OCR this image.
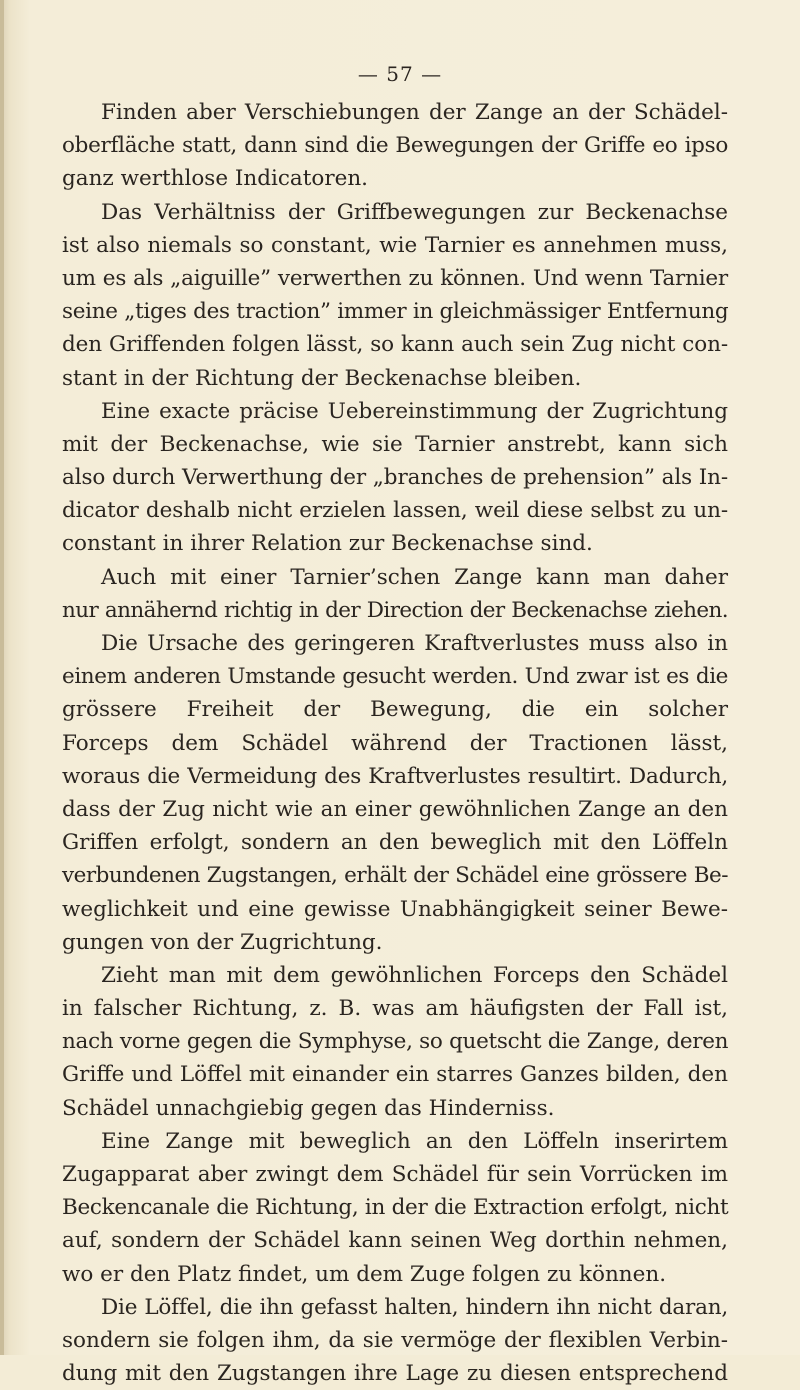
— 57 —
Finden aber Verschiebungen der Zange an der Schädel-
oberfläche statt, dann sind die Bewegungen der Griffe eo ipso
ganz werthlose Indicatoren.
Das Verhältniss der Griffbewegungen zur Beckenachse
ist also niemals so constant, wie Tarnier es annehmen muss,
um es als „aiguille” verwerthen zu können. Und wenn Tarnier
seine „tiges des traction” immer in gleichmässiger Entfernung
den Griffenden folgen lässt, so kann auch sein Zug nicht con-
stant in der Richtung der Beckenachse bleiben.
Eine exacte präcise Uebereinstimmung der Zugrichtung
mit der Beckenachse, wie sie Tarnier anstrebt, kann sich
also durch Verwerthung der „branches de prehension” als In-
dicator deshalb nicht erzielen lassen, weil diese selbst zu un-
constant in ihrer Relation zur Beckenachse sind.
Auch mit einer Tarnier’schen Zange kann man daher
nur annähernd richtig in der Direction der Beckenachse ziehen.
Die Ursache des geringeren Kraftverlustes muss also in
einem anderen Umstande gesucht werden. Und zwar ist es die
grössere Freiheit der Bewegung, die ein solcher
Forceps dem Schädel während der Tractionen lässt,
woraus die Vermeidung des Kraftverlustes resultirt. Dadurch,
dass der Zug nicht wie an einer gewöhnlichen Zange an den
Griffen erfolgt, sondern an den beweglich mit den Löffeln
verbundenen Zugstangen, erhält der Schädel eine grössere Be-
weglichkeit und eine gewisse Unabhängigkeit seiner Bewe-
gungen von der Zugrichtung.
Zieht man mit dem gewöhnlichen Forceps den Schädel
in falscher Richtung, z. B. was am häufigsten der Fall ist,
nach vorne gegen die Symphyse, so quetscht die Zange, deren
Griffe und Löffel mit einander ein starres Ganzes bilden, den
Schädel unnachgiebig gegen das Hinderniss.
Eine Zange mit beweglich an den Löffeln inserirtem
Zugapparat aber zwingt dem Schädel für sein Vorrücken im
Beckencanale die Richtung, in der die Extraction erfolgt, nicht
auf, sondern der Schädel kann seinen Weg dorthin nehmen,
wo er den Platz findet, um dem Zuge folgen zu können.
Die Löffel, die ihn gefasst halten, hindern ihn nicht daran,
sondern sie folgen ihm, da sie vermöge der flexiblen Verbin-
dung mit den Zugstangen ihre Lage zu diesen entsprechend
